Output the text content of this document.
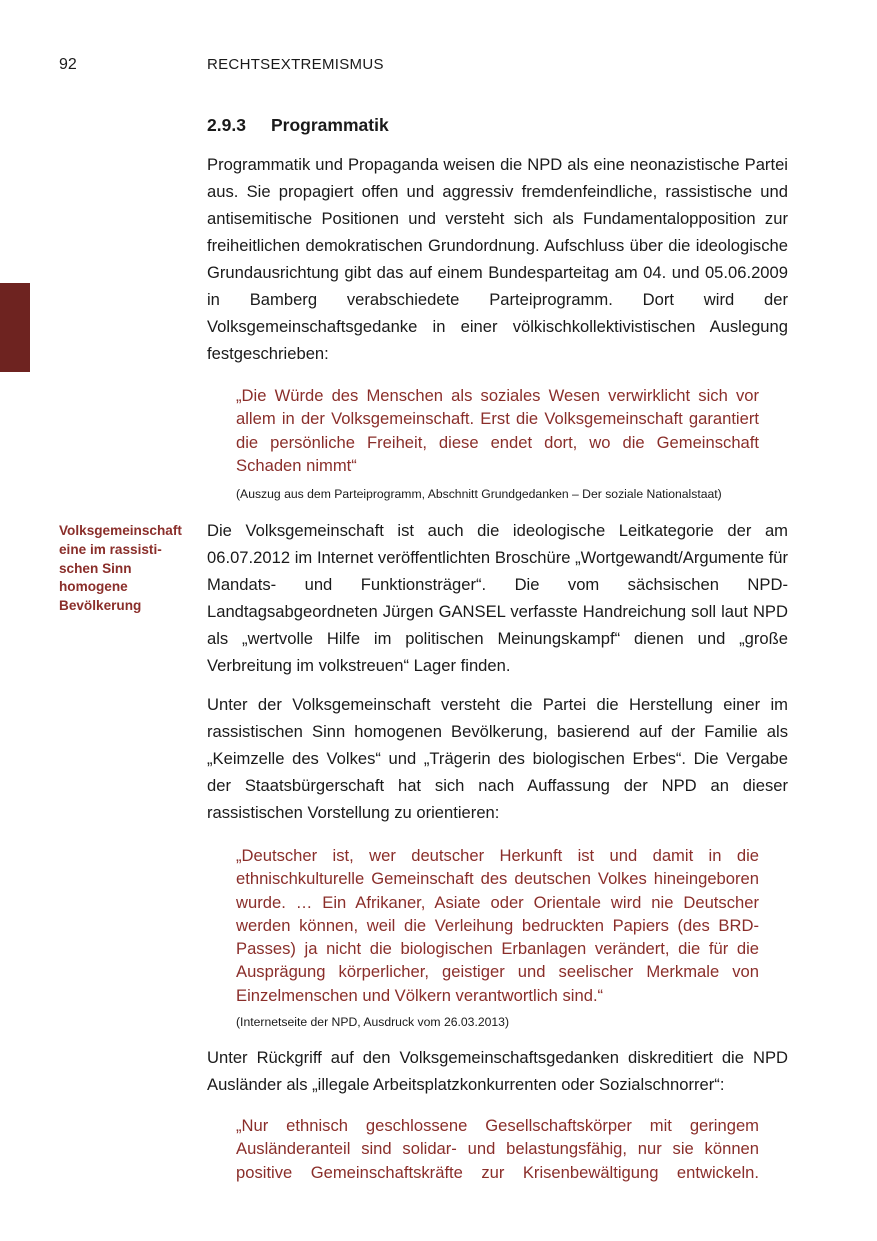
92	RECHTSEXTREMISMUS
2.9.3 Programmatik

Programmatik und Propaganda weisen die NPD als eine neonazistische Partei aus. Sie propagiert offen und aggressiv fremdenfeindliche, rassistische und antisemitische Positionen und versteht sich als Fundamentalopposition zur freiheitlichen demokratischen Grundordnung. Aufschluss über die ideologische Grundausrichtung gibt das auf einem Bundesparteitag am 04. und 05.06.2009 in Bamberg verabschiedete Parteiprogramm. Dort wird der Volksgemeinschaftsgedanke in einer völkischkollektivistischen Auslegung festgeschrieben:

„Die Würde des Menschen als soziales Wesen verwirklicht sich vor allem in der Volksgemeinschaft. Erst die Volksgemeinschaft garantiert die persönliche Freiheit, diese endet dort, wo die Gemeinschaft Schaden nimmt“

(Auszug aus dem Parteiprogramm, Abschnitt Grundgedanken – Der soziale Nationalstaat)

Volksgemeinschaft
eine im rassisti-
schen Sinn
homogene
Bevölkerung

Die Volksgemeinschaft ist auch die ideologische Leitkategorie der am 06.07.2012 im Internet veröffentlichten Broschüre „Wortgewandt/Argumente für Mandats- und Funktionsträger“. Die vom sächsischen NPD-Landtagsabgeordneten Jürgen GANSEL verfasste Handreichung soll laut NPD als „wertvolle Hilfe im politischen Meinungskampf“ dienen und „große Verbreitung im volkstreuen“ Lager finden.

Unter der Volksgemeinschaft versteht die Partei die Herstellung einer im rassistischen Sinn homogenen Bevölkerung, basierend auf der Familie als „Keimzelle des Volkes“ und „Trägerin des biologischen Erbes“. Die Vergabe der Staatsbürgerschaft hat sich nach Auffassung der NPD an dieser rassistischen Vorstellung zu orientieren:

„Deutscher ist, wer deutscher Herkunft ist und damit in die ethnischkulturelle Gemeinschaft des deutschen Volkes hineingeboren wurde. … Ein Afrikaner, Asiate oder Orientale wird nie Deutscher werden können, weil die Verleihung bedruckten Papiers (des BRD-Passes) ja nicht die biologischen Erbanlagen verändert, die für die Ausprägung körperlicher, geistiger und seelischer Merkmale von Einzelmenschen und Völkern verantwortlich sind.“

(Internetseite der NPD, Ausdruck vom 26.03.2013)

Unter Rückgriff auf den Volksgemeinschaftsgedanken diskreditiert die NPD Ausländer als „illegale Arbeitsplatzkonkurrenten oder Sozialschnorrer“:

„Nur ethnisch geschlossene Gesellschaftskörper mit geringem Ausländeranteil sind solidar- und belastungsfähig, nur sie können positive Gemeinschaftskräfte zur Krisenbewältigung entwickeln.
